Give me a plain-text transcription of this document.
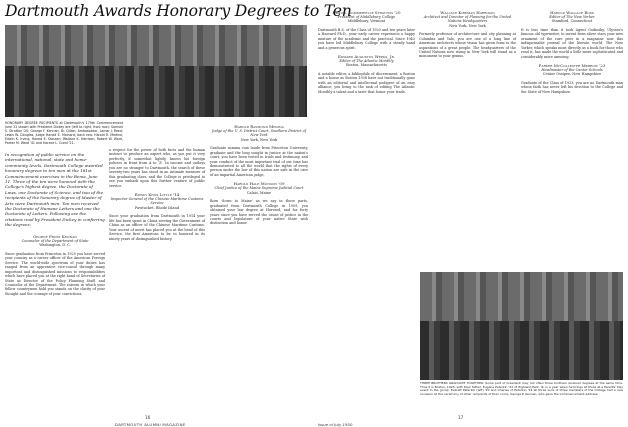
Dartmouth Awards Honorary Degrees to Ten
HONORARY DEGREE RECIPIENTS at Dartmouth's 179th Commencement June 11 shown with President Dickey are (left to right, front row): Samuel S. Stratton '20; George F. Kennan; Dr. Dillon; Ambassador, Lamar J. Reed; Lewis W. Douglas, Judge Harold E. Mainard; back row: Harold R. Medina, Edwin K. Irving, Harold E. Stassen, Wallace K. Harrison, Robert W. Ward, Parker M. Ward '41 and Horace L. Gund '21.
In recognition of public service on the international, national, state and home-community levels, Dartmouth College awarded honorary degrees to ten men at the 181st Commencement exercises in the Bema, June 11. Three of the ten were honored with the College's highest degree, the Doctorate of Laws, one Doctorate of Science, and two of the recipients of the honorary degree of Master of Arts were Dartmouth men. Ten men received the Doctorate of Humane Letters and one the Doctorate of Letters. Following are the citations read by President Dickey in conferring the degrees:
George Frost Kennan
Counselor of the Department of State
Washington, D. C.

Since graduation from Princeton in 1925 you have served your country as a career officer of the American Foreign Service. The world-wide spectrum of your duties has ranged from an apprentice vice-consul through many important and distinguished missions to responsibilities which have placed you at the right hand of Secretaries of State as Director of the Policy Planning Staff, and Counselor of the Department. The esteem in which your fellow countrymen hold you stands on the clarity of your thought and the courage of your convictions.

a respect for the power of both facts and the human instinct to produce an expert who, as you put it very perfectly, if somewhat lightly, knows his foreign policies in front from A to 'Z'. In income and outlays you are no stranger to Dartmouth. the search of these seventy-two years has stood in an intimate measure of this graduating class, and the College is privileged to see you embark upon this further venture of public service.

Edwin Knox Little '14
Inspector General of the Chinese Maritime Customs Service
Pawtucket, Rhode Island

Since your graduation from Dartmouth in 1914 your life has been spent in China serving the Government of China as an officer of the Chinese Maritime Customs. Your ascent of merit has placed you at the head of this Service, the first American to be so honored in its ninety years of distinguished history.

Harold Raymond Medina
Judge of the U. S. District Court, Southern District of New York
New York, New York

Graduate summa cum laude from Princeton University, graduate and the long sought in justice at the nation's court, you have been tested in trials and testimony, and your conduct of the most important trial of our time has demonstrated to all the world that the rights of every person under the law of this nation are safe in the care of an impartial American judge.

Harold Hale Munson '09
Chief Justice of the Maine Supreme Judicial Court
Calais, Maine

Born 'down to Maine' as we say in those parts, graduated from Dartmouth College in 1909, you obtained your law degree at Harvard, and for forty years since you have served the cause of justice in the courts and legislature of your native State with distinction and honor.

16
DARTMOUTH ALUMNI MAGAZINE
Samuel Sommerville Stratton '20
President of Middlebury College
Middlebury, Vermont

Dartmouth B.S. of the Class of 1920 and ten years later a Harvard Ph.D., your early career represents a happy mixture of the academic and the practical. Since 1943 you have led Middlebury College with a steady hand and a generous spirit.

Edward Augustus Weeks, Jr.
Editor of The Atlantic Monthly
Boston, Massachusetts

A notable editor, a bibliophile of discernment, a Boston and a house as Boston 1938 have not traditionally gone with an editorial and intellectual pedigree of an easy alliance; you bring to the task of editing The Atlantic Monthly a talent and a taste that honor your trade.

Wallace Kirkman Harrison
Architect and Director of Planning for the United Nations Headquarters
New York, New York

Formerly professor of architecture and city planning at Columbia and Yale, you are one of a long line of American architects whose vision has given form to the aspirations of a great people. The headquarters of the United Nations now rising in New York will stand as a monument to your genius.

Harold Wallace Ross
Editor of The New Yorker
Stamford, Connecticut

It is less time than it took Agent Godinsky, Ulysses's famous old typewriter, to invent from silver stars your new ornament of the rare peer in a magazine now this indispensable journal of the literate world. The New Yorker, which speaks most directly as a book for those who read it, has made the world a little more sophisticated and considerably more amusing.

Parker McCollester Merrow '23
Headmaster of the Cantor Schools
Center Ossipee, New Hampshire

Graduate of the Class of 1923, you are no Dartmouth man whose faith has never left his devotion to the College and the State of New Hampshire.

THREE BROTHERS GRADUATE TOGETHER: Some part of president may not often three brothers received degrees at the same time. Thus it is Boston, 1923, with their father, Eugene Peterkin '22 of Highland Park, Ill. in a year when he brings all three at a Parents' Day event in the group: Everett Peterkin (left) '20 and Charles of Peterkin '24 all three sons of three members of the College had a rare occasion at the ceremony of other recipients of their uncle, George P. Kennan, who gave the Commencement address.
Issue of July 1950
17
